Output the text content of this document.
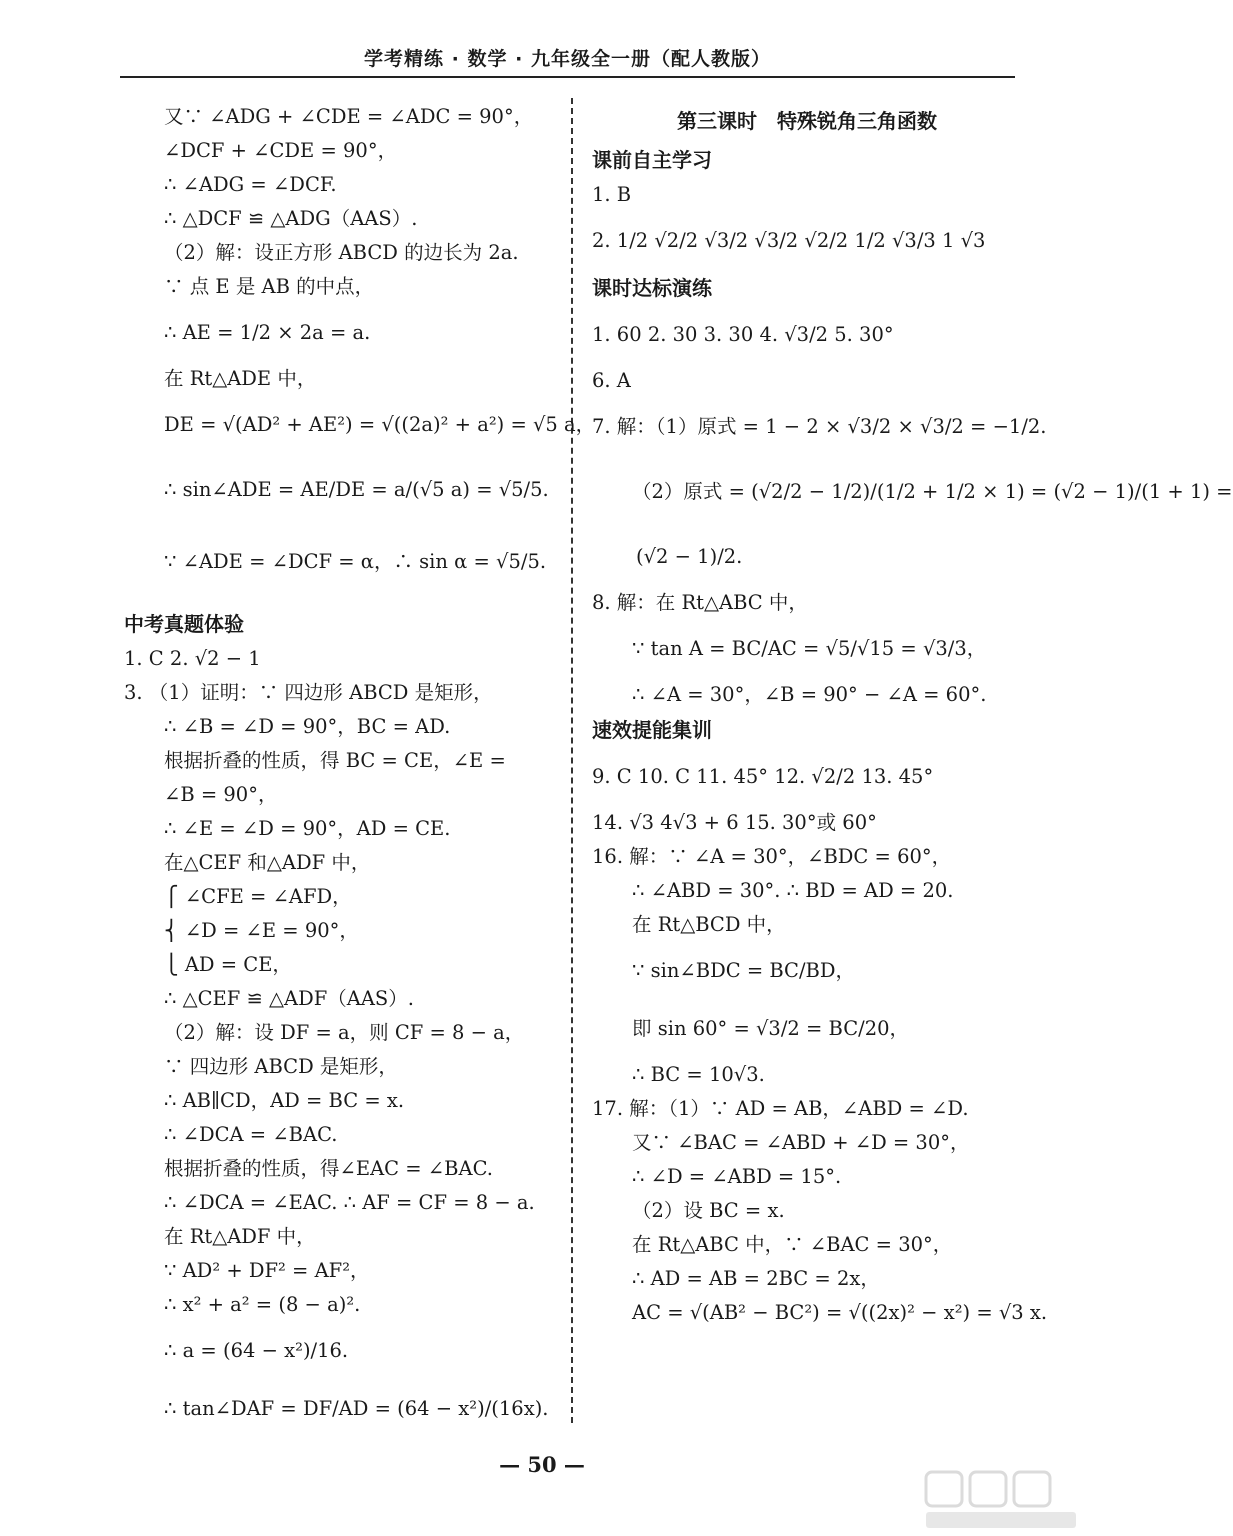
学考精练 · 数学 · 九年级全一册（配人教版）
又∵ ∠ADG + ∠CDE = ∠ADC = 90°，
∠DCF + ∠CDE = 90°，
∴ ∠ADG = ∠DCF.
∴ △DCF ≌ △ADG（AAS）.
（2）解：设正方形 ABCD 的边长为 2a.
∵ 点 E 是 AB 的中点，
∴ AE = 1/2 × 2a = a.
在 Rt△ADE 中，
DE = √(AD² + AE²) = √((2a)² + a²) = √5 a，
∴ sin∠ADE = AE/DE = a/(√5 a) = √5/5.
∵ ∠ADE = ∠DCF = α，∴ sin α = √5/5.
中考真题体验
1. C 2. √2 − 1
3. （1）证明：∵ 四边形 ABCD 是矩形，
∴ ∠B = ∠D = 90°，BC = AD.
根据折叠的性质，得 BC = CE，∠E =
∠B = 90°，
∴ ∠E = ∠D = 90°，AD = CE.
在△CEF 和△ADF 中，
⎧ ∠CFE = ∠AFD，
⎨ ∠D = ∠E = 90°，
⎩ AD = CE，
∴ △CEF ≌ △ADF（AAS）.
（2）解：设 DF = a，则 CF = 8 − a，
∵ 四边形 ABCD 是矩形，
∴ AB∥CD，AD = BC = x.
∴ ∠DCA = ∠BAC.
根据折叠的性质，得∠EAC = ∠BAC.
∴ ∠DCA = ∠EAC. ∴ AF = CF = 8 − a.
在 Rt△ADF 中，
∵ AD² + DF² = AF²，
∴ x² + a² = (8 − a)².
∴ a = (64 − x²)/16.
∴ tan∠DAF = DF/AD = (64 − x²)/(16x).
第三课时　特殊锐角三角函数
课前自主学习
1. B
2. 1/2 √2/2 √3/2 √3/2 √2/2 1/2 √3/3 1 √3
课时达标演练
1. 60 2. 30 3. 30 4. √3/2 5. 30°
6. A
7. 解：（1）原式 = 1 − 2 × √3/2 × √3/2 = −1/2.
（2）原式 = (√2/2 − 1/2)/(1/2 + 1/2 × 1) = (√2 − 1)/(1 + 1) =
(√2 − 1)/2.
8. 解：在 Rt△ABC 中，
∵ tan A = BC/AC = √5/√15 = √3/3，
∴ ∠A = 30°，∠B = 90° − ∠A = 60°.
速效提能集训
9. C 10. C 11. 45° 12. √2/2 13. 45°
14. √3 4√3 + 6 15. 30°或 60°
16. 解：∵ ∠A = 30°，∠BDC = 60°，
∴ ∠ABD = 30°. ∴ BD = AD = 20.
在 Rt△BCD 中，
∵ sin∠BDC = BC/BD，
即 sin 60° = √3/2 = BC/20，
∴ BC = 10√3.
17. 解：（1）∵ AD = AB，∠ABD = ∠D.
又∵ ∠BAC = ∠ABD + ∠D = 30°，
∴ ∠D = ∠ABD = 15°.
（2）设 BC = x.
在 Rt△ABC 中，∵ ∠BAC = 30°，
∴ AD = AB = 2BC = 2x，
AC = √(AB² − BC²) = √((2x)² − x²) = √3 x.
— 50 —
